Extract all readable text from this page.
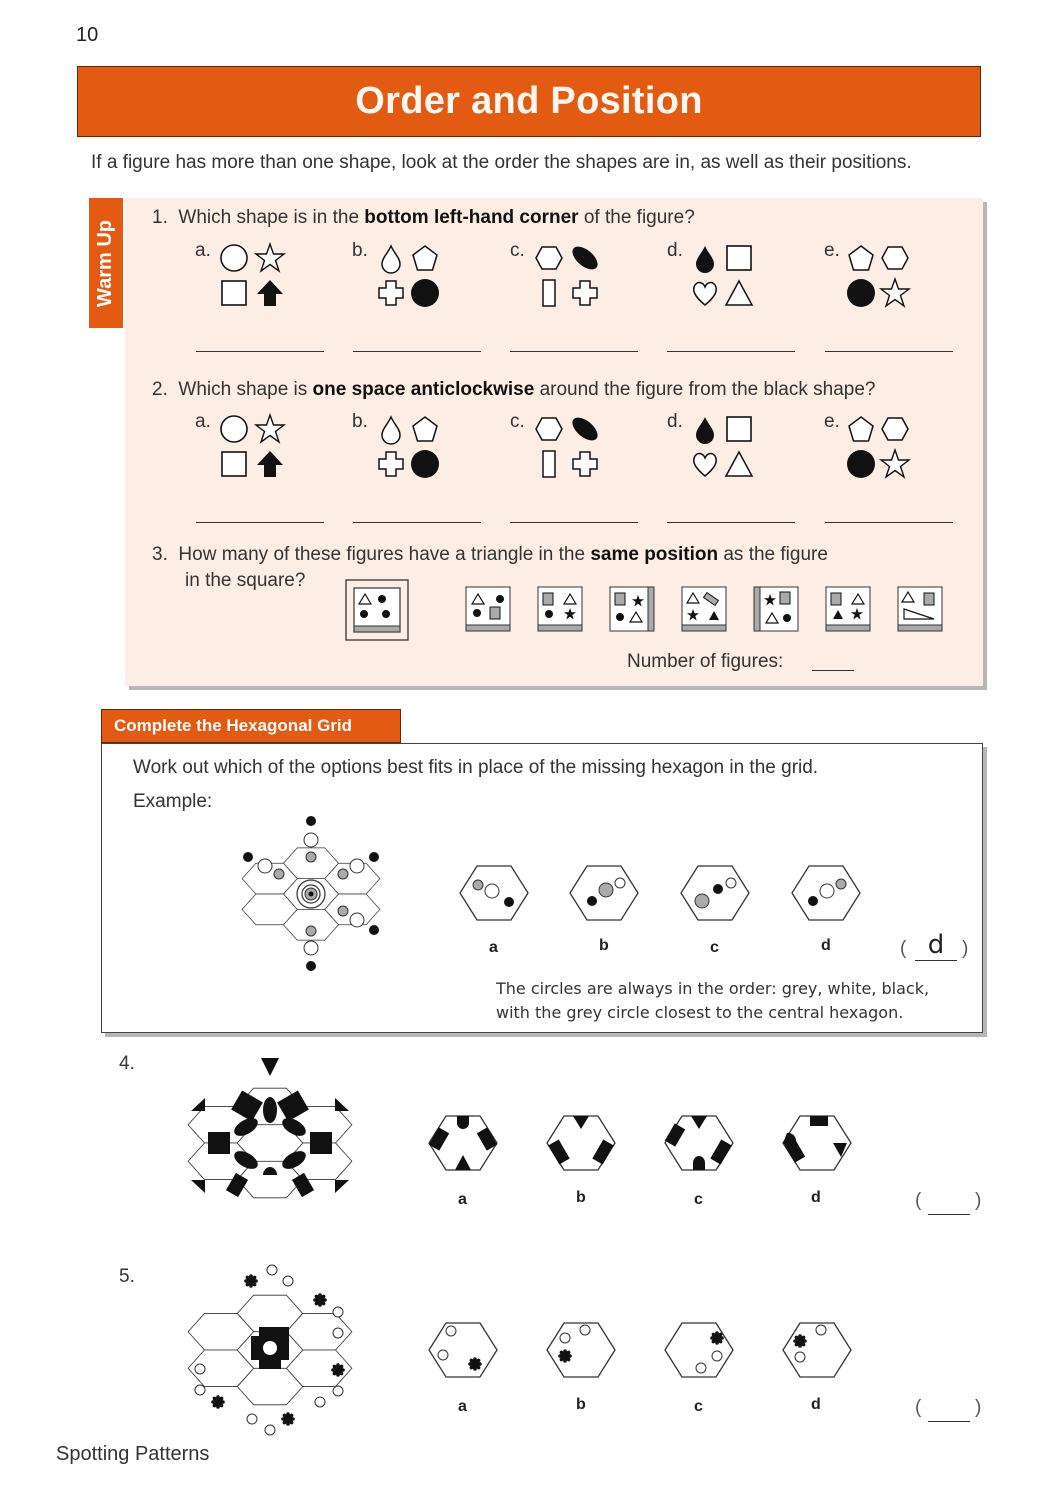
10
Order and Position
If a figure has more than one shape, look at the order the shapes are in, as well as their positions.
Warm Up
1. Which shape is in the bottom left-hand corner of the figure?
2. Which shape is one space anticlockwise around the figure from the black shape?
a.	b.	c.	d.	e.
a.	b.	c.	d.	e.
3. How many of these figures have a triangle in the same position as the figure
in the square?
Number of figures:
Complete the Hexagonal Grid
Work out which of the options best fits in place of the missing hexagon in the grid.
Example:
a	b	c	d	( d )
The circles are always in the order: grey, white, black,
with the grey circle closest to the central hexagon.
4.
a	b	c	d	(	)
5.
a	b	c	d	(	)
Spotting Patterns
